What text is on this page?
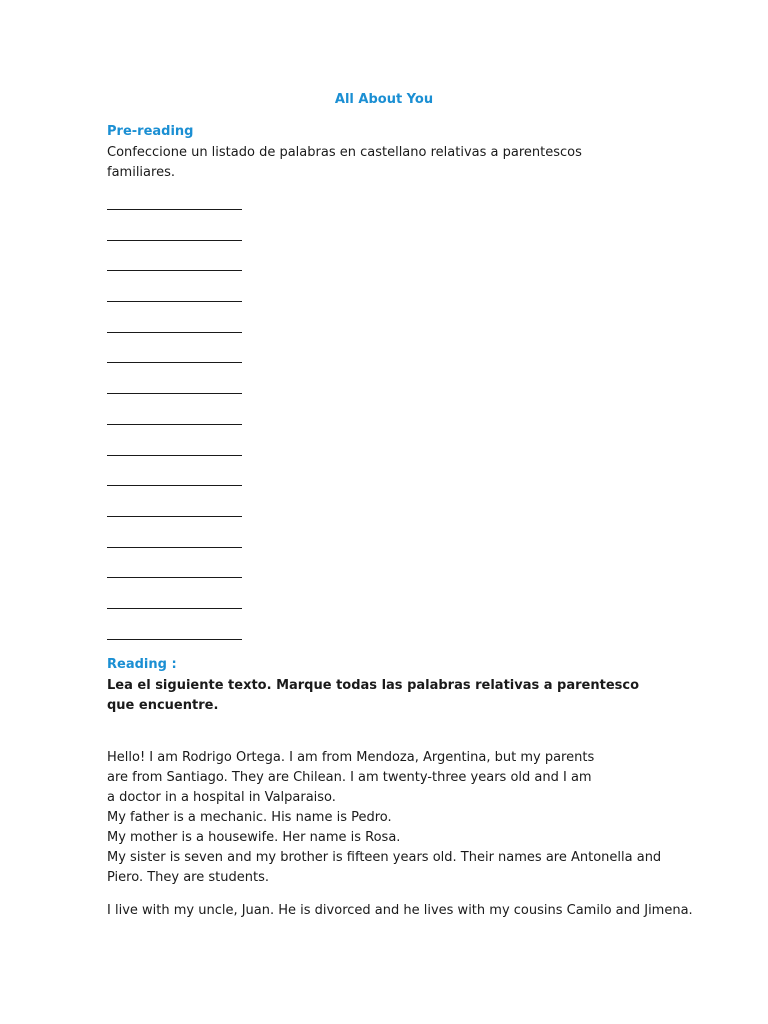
All About You
Pre-reading
Confeccione un listado de palabras en castellano relativas a parentescos
familiares.
Reading :
Lea el siguiente texto. Marque todas las palabras relativas a parentesco
que encuentre.
Hello! I am Rodrigo Ortega. I am from Mendoza, Argentina, but my parents
are from Santiago. They are Chilean. I am twenty-three years old and I am
a doctor in a hospital in Valparaiso.
My father is a mechanic. His name is Pedro.
My mother is a housewife. Her name is Rosa.
My sister is seven and my brother is fifteen years old. Their names are Antonella and
Piero. They are students.
I live with my uncle, Juan. He is divorced and he lives with my cousins Camilo and Jimena.
